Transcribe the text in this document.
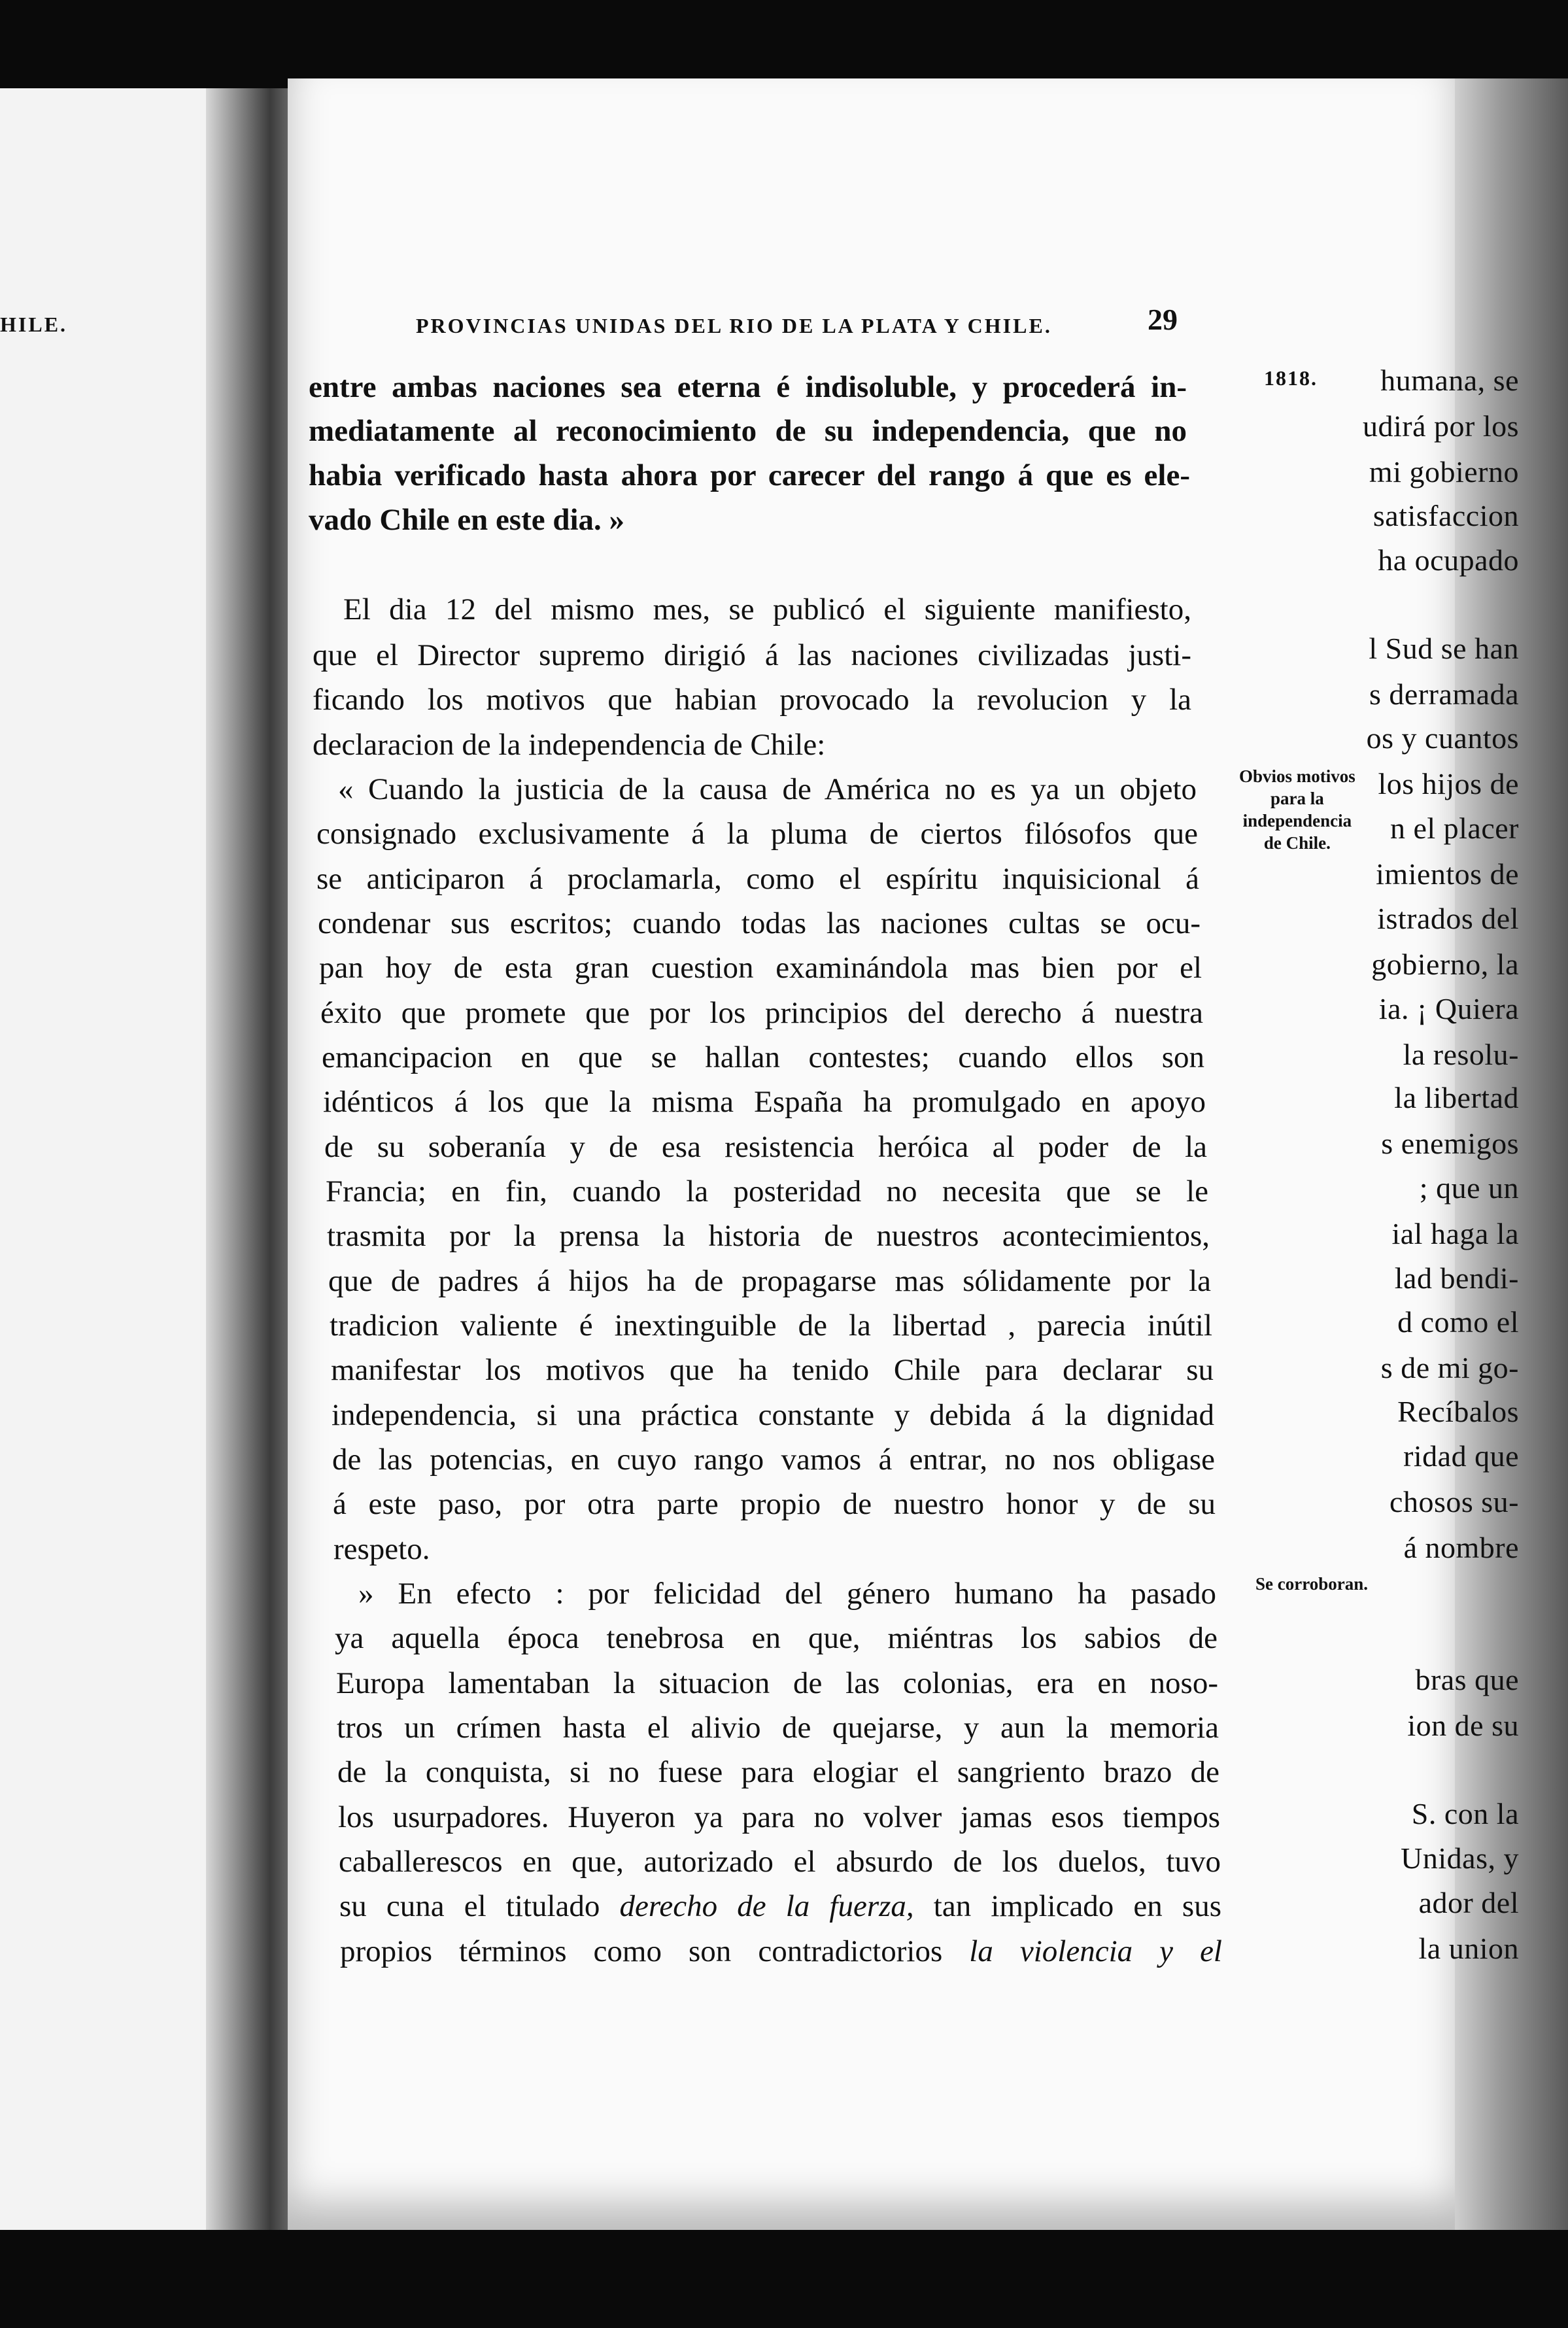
HILE.
humana, se
udirá por los
mi gobierno
satisfaccion
ha ocupado
l Sud se han
s derramada
os y cuantos
los hijos de
n el placer
imientos de
istrados del
gobierno, la
ia. ¡ Quiera
la resolu-
la libertad
s enemigos
; que un
ial haga la
lad bendi-
d como el
s de mi go-
Recíbalos
ridad que
chosos su-
á nombre
bras que
ion de su
S. con la
Unidas, y
ador del
la union
PROVINCIAS UNIDAS DEL RIO DE LA PLATA Y CHILE.	29
1818.
Obvios motivos
para la
independencia
de Chile.
Se corroboran.
entre ambas naciones sea eterna é indisoluble, y procederá in-
mediatamente al reconocimiento de su independencia, que no
habia verificado hasta ahora por carecer del rango á que es ele-
vado Chile en este dia. »
El dia 12 del mismo mes, se publicó el siguiente manifiesto,
que el Director supremo dirigió á las naciones civilizadas justi-
ficando los motivos que habian provocado la revolucion y la
declaracion de la independencia de Chile:
« Cuando la justicia de la causa de América no es ya un objeto
consignado exclusivamente á la pluma de ciertos filósofos que
se anticiparon á proclamarla, como el espíritu inquisicional á
condenar sus escritos; cuando todas las naciones cultas se ocu-
pan hoy de esta gran cuestion examinándola mas bien por el
éxito que promete que por los principios del derecho á nuestra
emancipacion en que se hallan contestes; cuando ellos son
idénticos á los que la misma España ha promulgado en apoyo
de su soberanía y de esa resistencia heróica al poder de la
Francia; en fin, cuando la posteridad no necesita que se le
trasmita por la prensa la historia de nuestros acontecimientos,
que de padres á hijos ha de propagarse mas sólidamente por la
tradicion valiente é inextinguible de la libertad , parecia inútil
manifestar los motivos que ha tenido Chile para declarar su
independencia, si una práctica constante y debida á la dignidad
de las potencias, en cuyo rango vamos á entrar, no nos obligase
á este paso, por otra parte propio de nuestro honor y de su
respeto.
» En efecto : por felicidad del género humano ha pasado
ya aquella época tenebrosa en que, miéntras los sabios de
Europa lamentaban la situacion de las colonias, era en noso-
tros un crímen hasta el alivio de quejarse, y aun la memoria
de la conquista, si no fuese para elogiar el sangriento brazo de
los usurpadores. Huyeron ya para no volver jamas esos tiempos
caballerescos en que, autorizado el absurdo de los duelos, tuvo
su cuna el titulado derecho de la fuerza, tan implicado en sus
propios términos como son contradictorios la violencia y el
